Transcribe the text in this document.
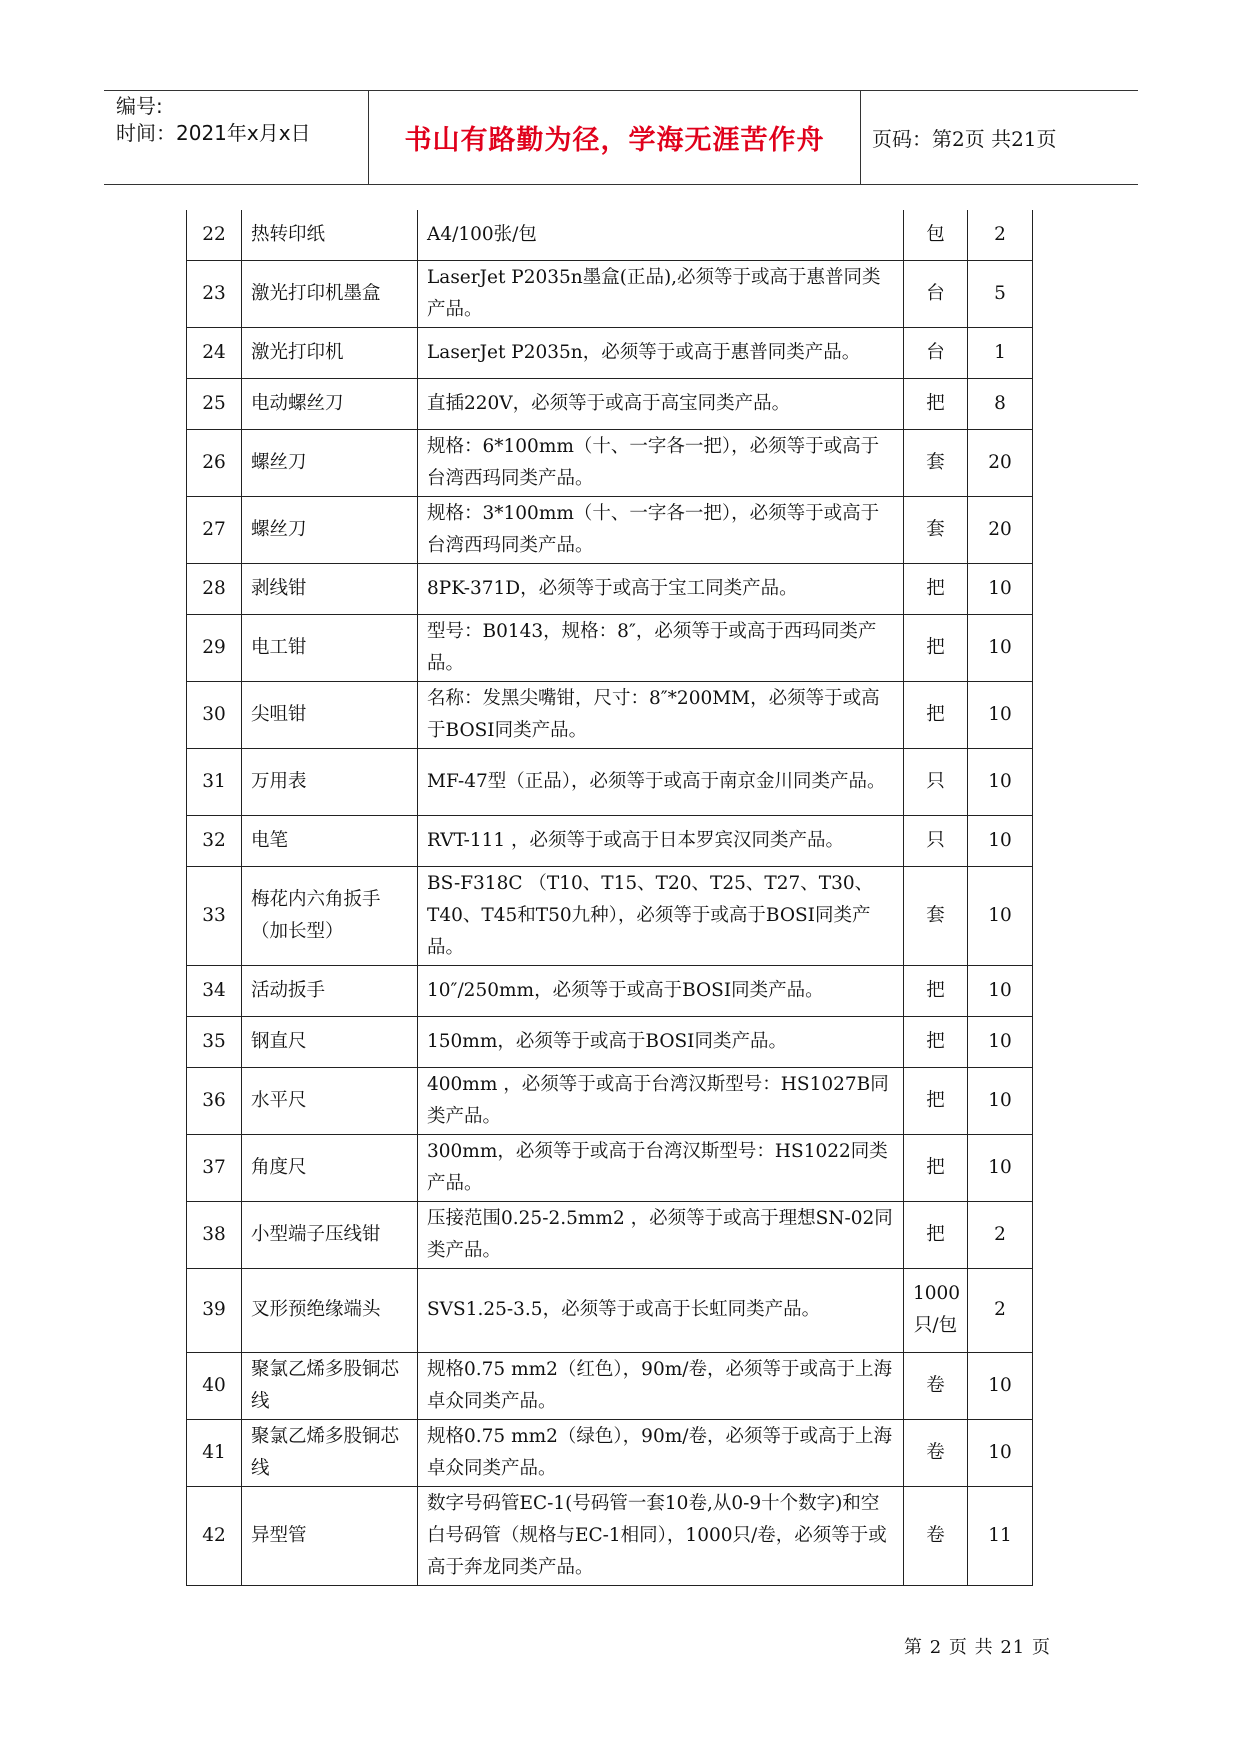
编号:
时间：2021年x月x日	书山有路勤为径，学海无涯苦作舟	页码：第2页 共21页
22	热转印纸	A4/100张/包	包	2
23	激光打印机墨盒	LaserJet P2035n墨盒(正品),必须等于或高于惠普同类产品。	台	5
24	激光打印机	LaserJet P2035n，必须等于或高于惠普同类产品。	台	1
25	电动螺丝刀	直插220V，必须等于或高于高宝同类产品。	把	8
26	螺丝刀	规格：6*100mm（十、一字各一把），必须等于或高于台湾西玛同类产品。	套	20
27	螺丝刀	规格：3*100mm（十、一字各一把），必须等于或高于台湾西玛同类产品。	套	20
28	剥线钳	8PK-371D，必须等于或高于宝工同类产品。	把	10
29	电工钳	型号：B0143，规格：8″，必须等于或高于西玛同类产品。	把	10
30	尖咀钳	名称：发黑尖嘴钳，尺寸：8″*200MM，必须等于或高于BOSI同类产品。	把	10
31	万用表	MF-47型（正品），必须等于或高于南京金川同类产品。	只	10
32	电笔	RVT-111 ，必须等于或高于日本罗宾汉同类产品。	只	10
33	梅花内六角扳手（加长型）	BS-F318C （T10、T15、T20、T25、T27、T30、T40、T45和T50九种），必须等于或高于BOSI同类产品。	套	10
34	活动扳手	10″/250mm，必须等于或高于BOSI同类产品。	把	10
35	钢直尺	150mm，必须等于或高于BOSI同类产品。	把	10
36	水平尺	400mm ，必须等于或高于台湾汉斯型号：HS1027B同类产品。	把	10
37	角度尺	300mm，必须等于或高于台湾汉斯型号：HS1022同类产品。	把	10
38	小型端子压线钳	压接范围0.25-2.5mm2 ，必须等于或高于理想SN-02同类产品。	把	2
39	叉形预绝缘端头	SVS1.25-3.5，必须等于或高于长虹同类产品。	1000只/包	2
40	聚氯乙烯多股铜芯线	规格0.75 mm2（红色），90m/卷，必须等于或高于上海卓众同类产品。	卷	10
41	聚氯乙烯多股铜芯线	规格0.75 mm2（绿色），90m/卷，必须等于或高于上海卓众同类产品。	卷	10
42	异型管	数字号码管EC-1(号码管一套10卷,从0-9十个数字)和空白号码管（规格与EC-1相同），1000只/卷，必须等于或高于奔龙同类产品。	卷	11
第 2 页 共 21 页
